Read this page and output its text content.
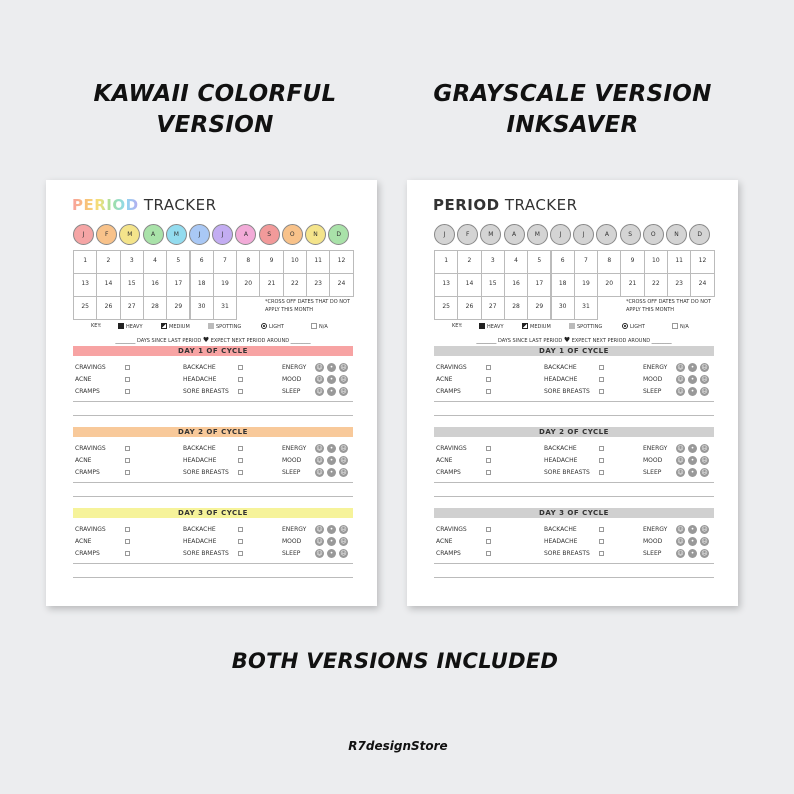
KAWAII COLORFUL
VERSION
GRAYSCALE VERSION
INKSAVER
PERIOD TRACKER
J	F	M	A	M	J	J	A	S	O	N	D
1	2	3	4	5	6	7	8	9	10	11	12
13	14	15	16	17	18	19	20	21	22	23	24
25	26	27	28	29	30	31
*CROSS OFF DATES THAT DO NOT APPLY THIS MONTH
KEY:	HEAVY	MEDIUM	SPOTTING	LIGHT	N/A
________ DAYS SINCE LAST PERIOD ♥ EXPECT NEXT PERIOD AROUND ________
DAY 1 OF CYCLE
CRAVINGS	BACKACHE	ENERGY ☺	•	☹
ACNE	HEADACHE	MOOD	☺	•	☹
CRAMPS	SORE BREASTS	SLEEP	☺	•	☹
DAY 2 OF CYCLE
CRAVINGS	BACKACHE	ENERGY ☺	•	☹
ACNE	HEADACHE	MOOD	☺	•	☹
CRAMPS	SORE BREASTS	SLEEP	☺	•	☹
DAY 3 OF CYCLE
CRAVINGS	BACKACHE	ENERGY ☺	•	☹
ACNE	HEADACHE	MOOD	☺	•	☹
CRAMPS	SORE BREASTS	SLEEP	☺	•	☹
PERIOD TRACKER
J	F	M	A	M	J	J	A	S	O	N	D
1	2	3	4	5	6	7	8	9	10	11	12
13	14	15	16	17	18	19	20	21	22	23	24
25	26	27	28	29	30	31
*CROSS OFF DATES THAT DO NOT APPLY THIS MONTH
KEY:	HEAVY	MEDIUM	SPOTTING	LIGHT	N/A
________ DAYS SINCE LAST PERIOD ♥ EXPECT NEXT PERIOD AROUND ________
DAY 1 OF CYCLE
CRAVINGS	BACKACHE	ENERGY ☺	•	☹
ACNE	HEADACHE	MOOD	☺	•	☹
CRAMPS	SORE BREASTS	SLEEP	☺	•	☹
DAY 2 OF CYCLE
CRAVINGS	BACKACHE	ENERGY ☺	•	☹
ACNE	HEADACHE	MOOD	☺	•	☹
CRAMPS	SORE BREASTS	SLEEP	☺	•	☹
DAY 3 OF CYCLE
CRAVINGS	BACKACHE	ENERGY ☺	•	☹
ACNE	HEADACHE	MOOD	☺	•	☹
CRAMPS	SORE BREASTS	SLEEP	☺	•	☹
BOTH VERSIONS INCLUDED
R7designStore
